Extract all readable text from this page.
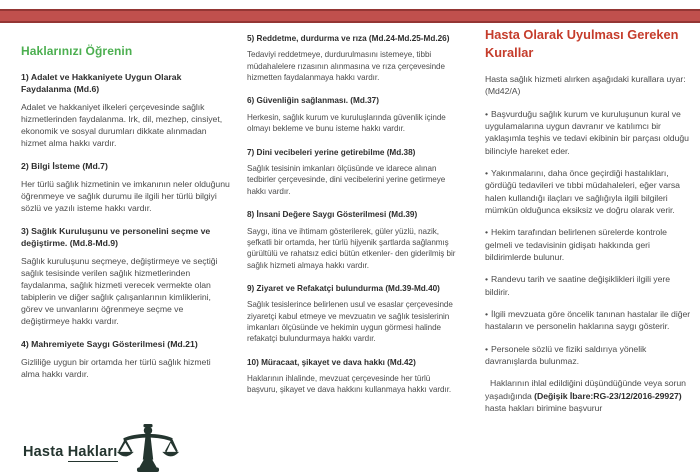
Haklarınızı Öğrenin
1) Adalet ve Hakkaniyete Uygun Olarak Faydalanma (Md.6)

Adalet ve hakkaniyet ilkeleri çerçevesinde sağlık hizmetlerinden faydalanma. Irk, dil, mezhep, cinsiyet, ekonomik ve sosyal durumları dikkate alınmadan hizmet alma hakkı vardır.

2) Bilgi İsteme (Md.7)

Her türlü sağlık hizmetinin ve imkanının neler olduğunu öğrenmeye ve sağlık durumu ile ilgili her türlü bilgiyi sözlü ve yazılı isteme hakkı vardır.

3) Sağlık Kuruluşunu ve personelini seçme ve değiştirme. (Md.8-Md.9)

Sağlık kuruluşunu seçmeye, değiştirmeye ve seçtiği sağlık tesisinde verilen sağlık hizmetlerinden faydalanma, sağlık hizmeti verecek vermekte olan tabiplerin ve diğer sağlık çalışanlarının kimliklerini, görev ve unvanlarını öğrenmeye seçme ve değiştirmeye hakkı vardır.

4) Mahremiyete Saygı Gösterilmesi (Md.21)

Gizliliğe uygun bir ortamda her türlü sağlık hizmeti alma hakkı vardır.

5) Reddetme, durdurma ve rıza (Md.24-Md.25-Md.26)

Tedaviyi reddetmeye, durdurulmasını istemeye, tibbi müdahalelere rızasının alınmasına ve rıza çerçevesinde hizmetten faydalanmaya hakkı vardır.

6) Güvenliğin sağlanması. (Md.37)

Herkesin, sağlık kurum ve kuruluşlarında güvenlik içinde olmayı bekleme ve bunu isteme hakkı vardır.

7) Dini vecibeleri yerine getirebilme (Md.38)

Sağlık tesisinin imkanları ölçüsünde ve idarece alınan tedbirler çerçevesinde, dini vecibelerini yerine getirmeye hakkı vardır.

8) İnsani Değere Saygı Gösterilmesi (Md.39)

Saygı, itina ve ihtimam gösterilerek, güler yüzlü, nazik, şefkatli bir ortamda, her türlü hijyenik şartlarda sağlanmış gürültülü ve rahatsız edici bütün etkenler- den giderilmiş bir sağlık hizmeti almaya hakkı vardır.

9) Ziyaret ve Refakatçi bulundurma (Md.39-Md.40)

Sağlık tesislerince belirlenen usul ve esaslar çerçevesinde ziyaretçi kabul etmeye ve mevzuatın ve sağlık tesislerinin imkanları ölçüsünde ve hekimin uygun görmesi halinde refakatçi bulundurmaya hakkı vardır.

10) Müracaat, şikayet ve dava hakkı (Md.42)

Haklarının ihlalinde, mevzuat çerçevesinde her türlü başvuru, şikayet ve dava hakkını kullanmaya hakkı vardır.

Hasta Olarak Uyulması Gereken Kurallar

Hasta sağlık hizmeti alırken aşağıdaki kurallara uyar: (Md42/A)

• Başvurduğu sağlık kurum ve kuruluşunun kural ve uygulamalarına uygun davranır ve katılımcı bir yaklaşımla teşhis ve tedavi ekibinin bir parçası olduğu bilinciyle hareket eder.

• Yakınmalarını, daha önce geçirdiği hastalıkları, gördüğü tedavileri ve tıbbi müdahaleleri, eğer varsa halen kullandığı ilaçları ve sağlığıyla ilgili bilgileri mümkün olduğunca eksiksiz ve doğru olarak verir.

• Hekim tarafından belirlenen sürelerde kontrole gelmeli ve tedavisinin gidişatı hakkında geri bildirimlerde bulunur.

• Randevu tarih ve saatine değişiklikleri ilgili yere bildirir.

• İlgili mevzuata göre öncelik tanınan hastalar ile diğer hastaların ve personelin haklarına saygı gösterir.

• Personele sözlü ve fiziki saldırıya yönelik davranışlarda bulunmaz.

Haklarının ihlal edildiğini düşündüğünde veya sorun yaşadığında (Değişik İbare:RG-23/12/2016-29927) hasta hakları birimine başvurur

Hasta Hakları
